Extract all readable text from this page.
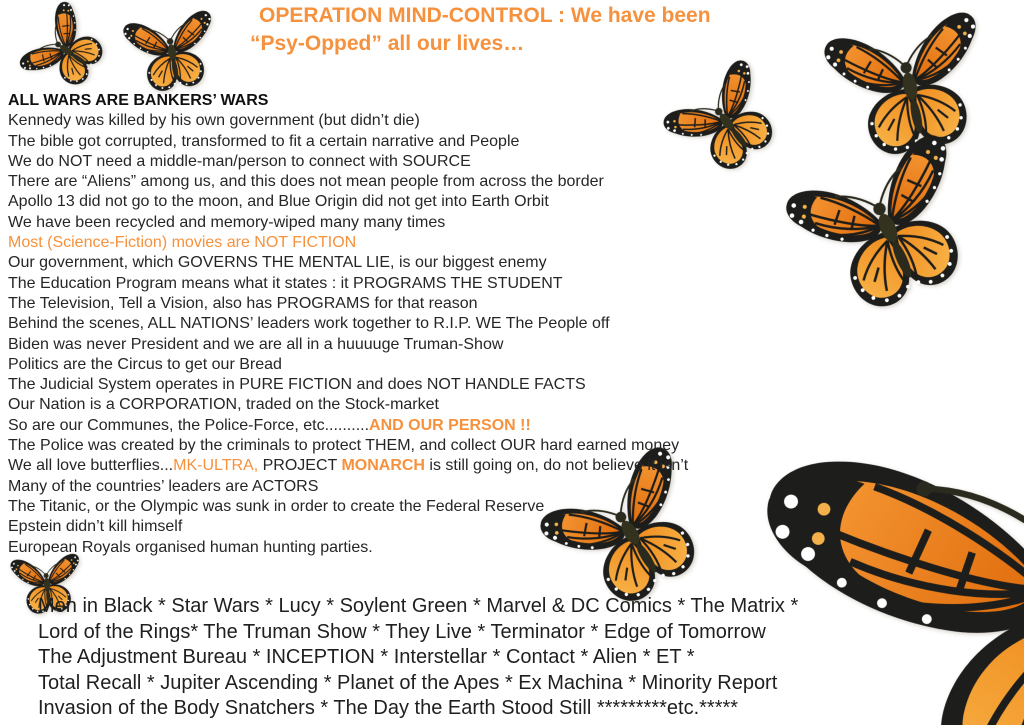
OPERATION MIND-CONTROL : We have been
“Psy-Opped” all our lives…
ALL WARS ARE BANKERS’ WARS
Kennedy was killed by his own government (but didn’t die)
The bible got corrupted, transformed to fit a certain narrative and People
We do NOT need a middle-man/person to connect with SOURCE
There are “Aliens” among us, and this does not mean people from across the border
Apollo 13 did not go to the moon, and Blue Origin did not get into Earth Orbit
We have been recycled and memory-wiped many many times
Most (Science-Fiction) movies are NOT FICTION
Our government, which GOVERNS THE MENTAL LIE, is our biggest enemy
The Education Program means what it states : it PROGRAMS THE STUDENT
The Television, Tell a Vision, also has PROGRAMS for that reason
Behind the scenes, ALL NATIONS’ leaders work together to R.I.P. WE The People off
Biden was never President and we are all in a huuuuge Truman-Show
Politics are the Circus to get our Bread
The Judicial System operates in PURE FICTION and does NOT HANDLE FACTS
Our Nation is a CORPORATION, traded on the Stock-market
So are our Communes, the Police-Force, etc..........AND OUR PERSON !!
The Police was created by the criminals to protect THEM, and collect OUR hard earned money
We all love butterflies...MK-ULTRA, PROJECT MONARCH is still going on, do not believe it isn’t
Many of the countries’ leaders are ACTORS
The Titanic, or the Olympic was sunk in order to create the Federal Reserve
Epstein didn’t kill himself
European Royals organised human hunting parties.
Men in Black * Star Wars * Lucy * Soylent Green * Marvel & DC Comics * The Matrix *
Lord of the Rings* The Truman Show * They Live * Terminator * Edge of Tomorrow
The Adjustment Bureau * INCEPTION * Interstellar * Contact * Alien * ET *
Total Recall * Jupiter Ascending * Planet of the Apes * Ex Machina * Minority Report
Invasion of the Body Snatchers * The Day the Earth Stood Still *********etc.*****
